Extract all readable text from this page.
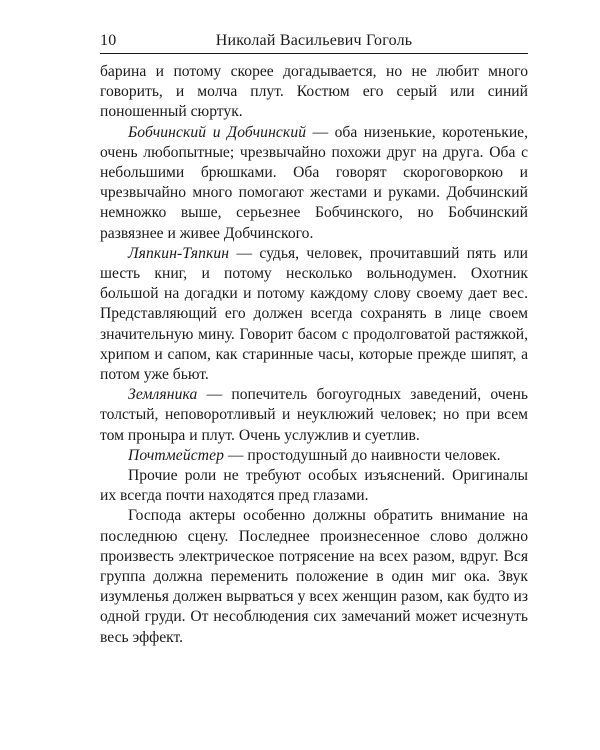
10	Николай Васильевич Гоголь

барина и потому скорее догадывается, но не любит много говорить, и молча плут. Костюм его серый или синий поношенный сюртук.

Бобчинский и Добчинский — оба низенькие, коротенькие, очень любопытные; чрезвычайно похожи друг на друга. Оба с небольшими брюшками. Оба говорят скороговоркою и чрезвычайно много помогают жестами и руками. Добчинский немножко выше, серьезнее Бобчинского, но Бобчинский развязнее и живее Добчинского.

Ляпкин-Тяпкин — судья, человек, прочитавший пять или шесть книг, и потому несколько вольнодумен. Охотник большой на догадки и потому каждому слову своему дает вес. Представляющий его должен всегда сохранять в лице своем значительную мину. Говорит басом с продолговатой растяжкой, хрипом и сапом, как старинные часы, которые прежде шипят, а потом уже бьют.

Земляника — попечитель богоугодных заведений, очень толстый, неповоротливый и неуклюжий человек; но при всем том проныра и плут. Очень услужлив и суетлив.

Почтмейстер — простодушный до наивности человек.

Прочие роли не требуют особых изъяснений. Оригиналы их всегда почти находятся пред глазами.

Господа актеры особенно должны обратить внимание на последнюю сцену. Последнее произнесенное слово должно произвесть электрическое потрясение на всех разом, вдруг. Вся группа должна переменить положение в один миг ока. Звук изумленья должен вырваться у всех женщин разом, как будто из одной груди. От несоблюдения сих замечаний может исчезнуть весь эффект.
